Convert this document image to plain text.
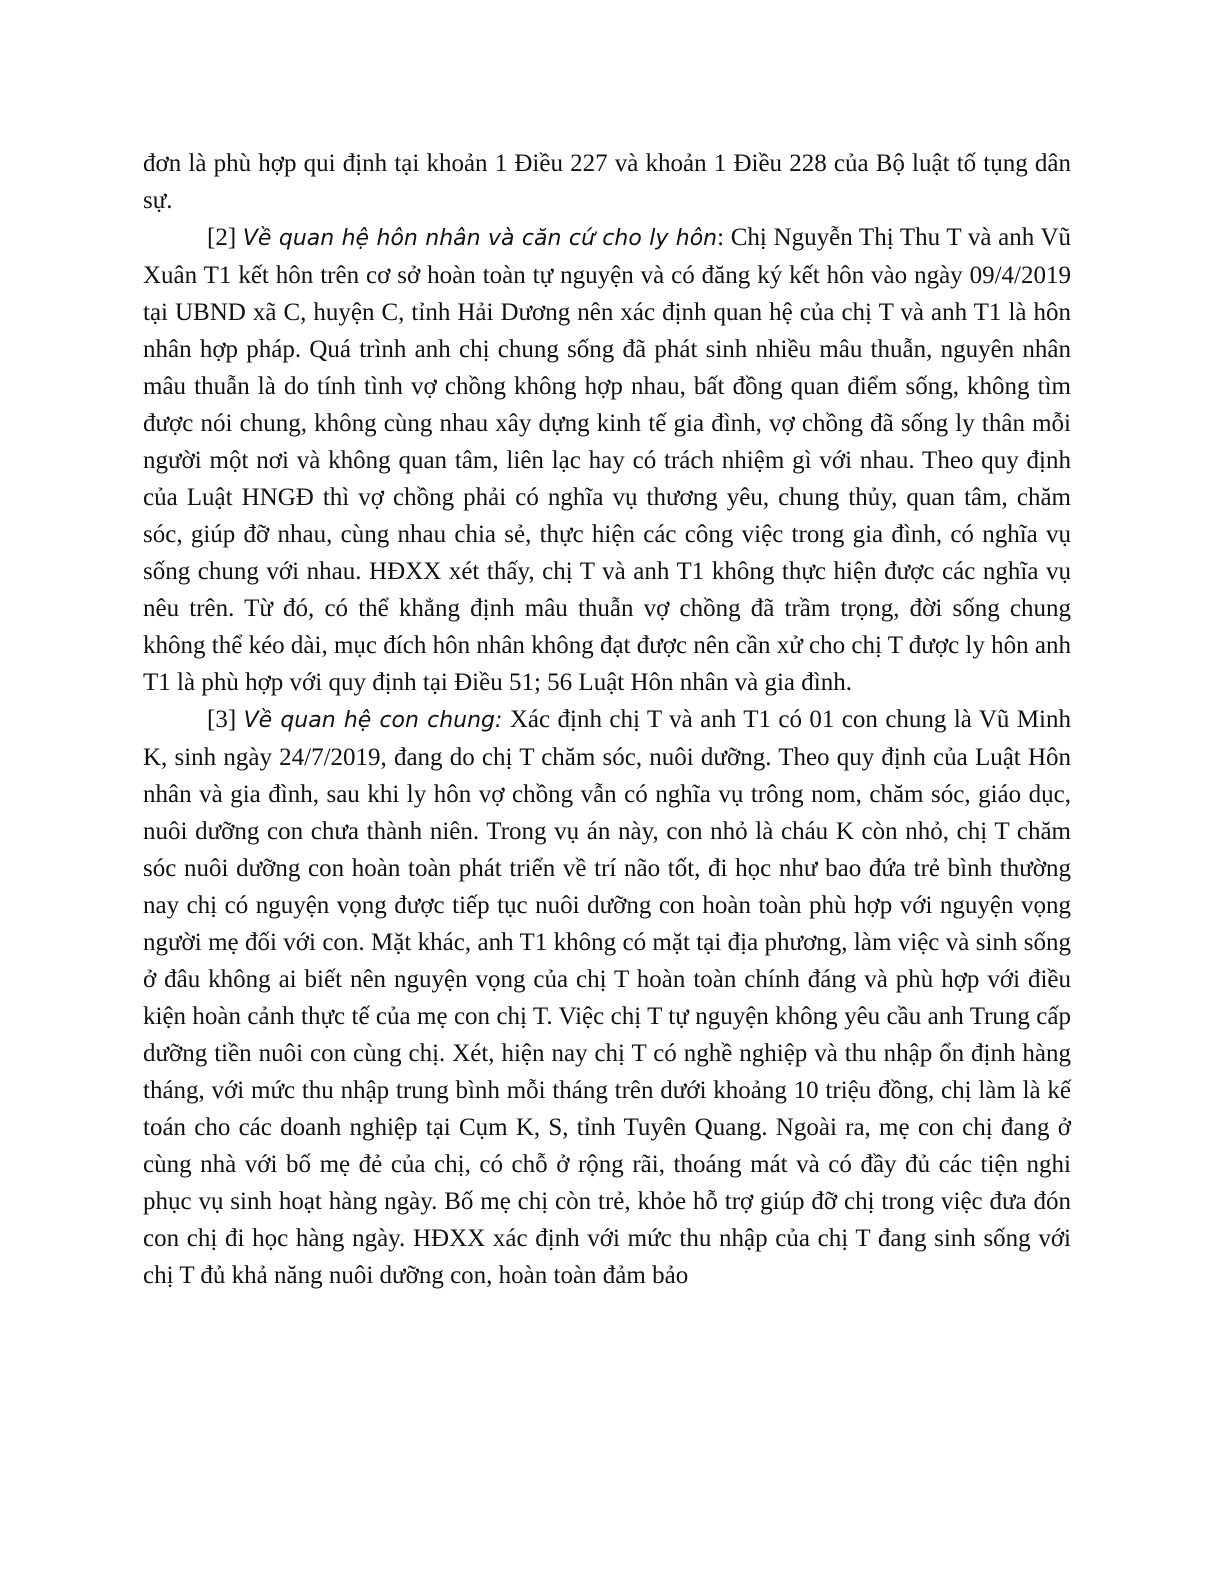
đơn là phù hợp qui định tại khoản 1 Điều 227 và khoản 1 Điều 228 của Bộ luật tố tụng dân sự.

[2] Về quan hệ hôn nhân và căn cứ cho ly hôn: Chị Nguyễn Thị Thu T và anh Vũ Xuân T1 kết hôn trên cơ sở hoàn toàn tự nguyện và có đăng ký kết hôn vào ngày 09/4/2019 tại UBND xã C, huyện C, tỉnh Hải Dương nên xác định quan hệ của chị T và anh T1 là hôn nhân hợp pháp. Quá trình anh chị chung sống đã phát sinh nhiều mâu thuẫn, nguyên nhân mâu thuẫn là do tính tình vợ chồng không hợp nhau, bất đồng quan điểm sống, không tìm được nói chung, không cùng nhau xây dựng kinh tế gia đình, vợ chồng đã sống ly thân mỗi người một nơi và không quan tâm, liên lạc hay có trách nhiệm gì với nhau. Theo quy định của Luật HNGĐ thì vợ chồng phải có nghĩa vụ thương yêu, chung thủy, quan tâm, chăm sóc, giúp đỡ nhau, cùng nhau chia sẻ, thực hiện các công việc trong gia đình, có nghĩa vụ sống chung với nhau. HĐXX xét thấy, chị T và anh T1 không thực hiện được các nghĩa vụ nêu trên. Từ đó, có thể khẳng định mâu thuẫn vợ chồng đã trầm trọng, đời sống chung không thể kéo dài, mục đích hôn nhân không đạt được nên cần xử cho chị T được ly hôn anh T1 là phù hợp với quy định tại Điều 51; 56 Luật Hôn nhân và gia đình.

[3] Về quan hệ con chung: Xác định chị T và anh T1 có 01 con chung là Vũ Minh K, sinh ngày 24/7/2019, đang do chị T chăm sóc, nuôi dưỡng. Theo quy định của Luật Hôn nhân và gia đình, sau khi ly hôn vợ chồng vẫn có nghĩa vụ trông nom, chăm sóc, giáo dục, nuôi dưỡng con chưa thành niên. Trong vụ án này, con nhỏ là cháu K còn nhỏ, chị T chăm sóc nuôi dưỡng con hoàn toàn phát triển về trí não tốt, đi học như bao đứa trẻ bình thường nay chị có nguyện vọng được tiếp tục nuôi dưỡng con hoàn toàn phù hợp với nguyện vọng người mẹ đối với con. Mặt khác, anh T1 không có mặt tại địa phương, làm việc và sinh sống ở đâu không ai biết nên nguyện vọng của chị T hoàn toàn chính đáng và phù hợp với điều kiện hoàn cảnh thực tế của mẹ con chị T. Việc chị T tự nguyện không yêu cầu anh Trung cấp dưỡng tiền nuôi con cùng chị. Xét, hiện nay chị T có nghề nghiệp và thu nhập ổn định hàng tháng, với mức thu nhập trung bình mỗi tháng trên dưới khoảng 10 triệu đồng, chị làm là kế toán cho các doanh nghiệp tại Cụm K, S, tỉnh Tuyên Quang. Ngoài ra, mẹ con chị đang ở cùng nhà với bố mẹ đẻ của chị, có chỗ ở rộng rãi, thoáng mát và có đầy đủ các tiện nghi phục vụ sinh hoạt hàng ngày. Bố mẹ chị còn trẻ, khỏe hỗ trợ giúp đỡ chị trong việc đưa đón con chị đi học hàng ngày. HĐXX xác định với mức thu nhập của chị T đang sinh sống với chị T đủ khả năng nuôi dưỡng con, hoàn toàn đảm bảo
